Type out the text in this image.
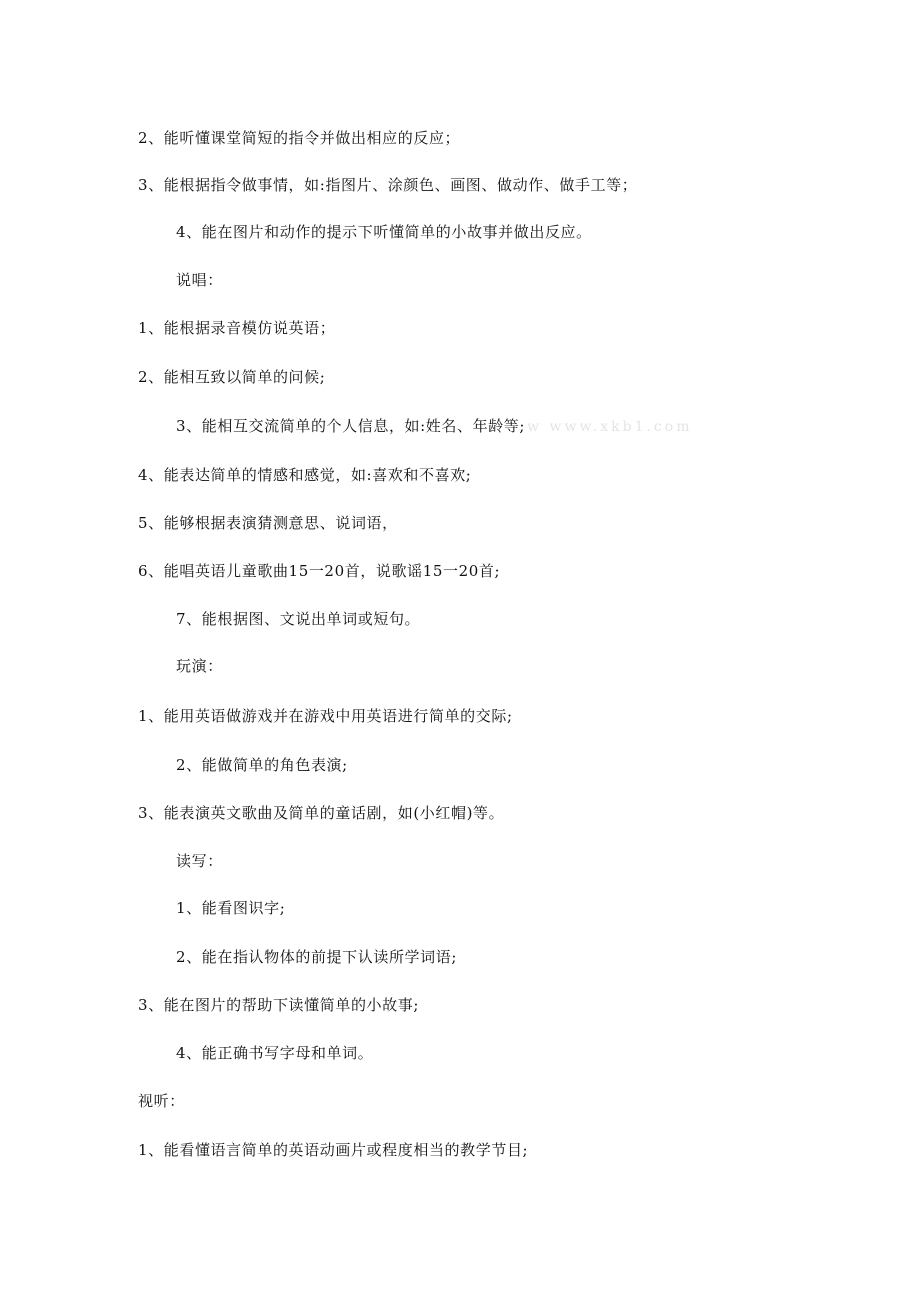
2、能听懂课堂简短的指令并做出相应的反应；
3、能根据指令做事情，如:指图片、涂颜色、画图、做动作、做手工等；
4、能在图片和动作的提示下听懂简单的小故事并做出反应。
说唱：
1、能根据录音模仿说英语；
2、能相互致以简单的问候;
3、能相互交流简单的个人信息，如:姓名、年龄等; w www.xkb1.com
4、能表达简单的情感和感觉，如:喜欢和不喜欢;
5、能够根据表演猜测意思、说词语，
6、能唱英语儿童歌曲15一20首，说歌谣15一20首;
7、能根据图、文说出单词或短句。
玩演：
1、能用英语做游戏并在游戏中用英语进行简单的交际;
2、能做简单的角色表演;
3、能表演英文歌曲及简单的童话剧，如(小红帽)等。
读写：
1、能看图识字;
2、能在指认物体的前提下认读所学词语;
3、能在图片的帮助下读懂简单的小故事;
4、能正确书写字母和单词。
视听：
1、能看懂语言简单的英语动画片或程度相当的教学节目;
